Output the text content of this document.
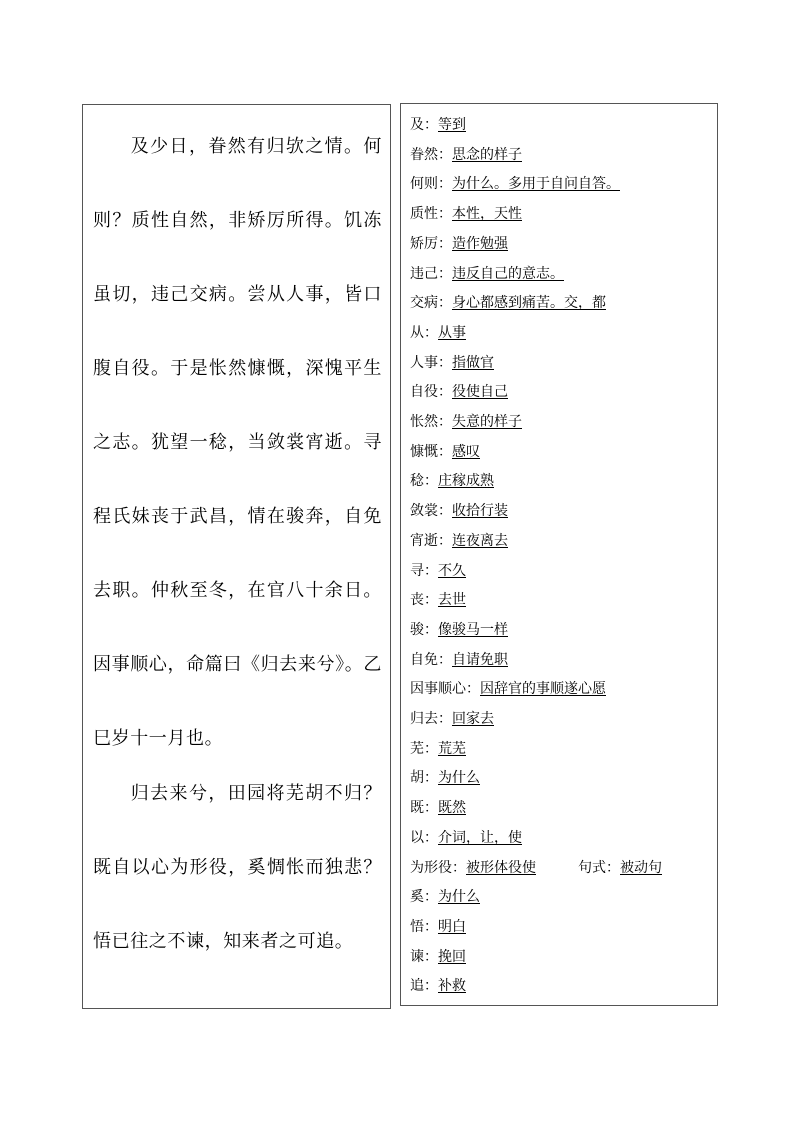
及少日，眷然有归欤之情。何则？质性自然，非矫厉所得。饥冻虽切，违己交病。尝从人事，皆口腹自役。于是怅然慷慨，深愧平生之志。犹望一稔，当敛裳宵逝。寻程氏妹丧于武昌，情在骏奔，自免去职。仲秋至冬，在官八十余日。因事顺心，命篇曰《归去来兮》。乙巳岁十一月也。

归去来兮，田园将芜胡不归？既自以心为形役，奚惆怅而独悲？悟已往之不谏，知来者之可追。

及：等到
眷然：思念的样子
何则：为什么。多用于自问自答。
质性：本性，天性
矫厉：造作勉强
违己：违反自己的意志。
交病：身心都感到痛苦。交，都
从：从事
人事：指做官
自役：役使自己
怅然：失意的样子
慷慨：感叹
稔：庄稼成熟
敛裳：收拾行装
宵逝：连夜离去
寻：不久
丧：去世
骏：像骏马一样
自免：自请免职
因事顺心：因辞官的事顺遂心愿
归去：回家去
芜：荒芜
胡：为什么
既：既然
以：介词，让，使
为形役：被形体役使	句式：被动句
奚：为什么
悟：明白
谏：挽回
追：补救
